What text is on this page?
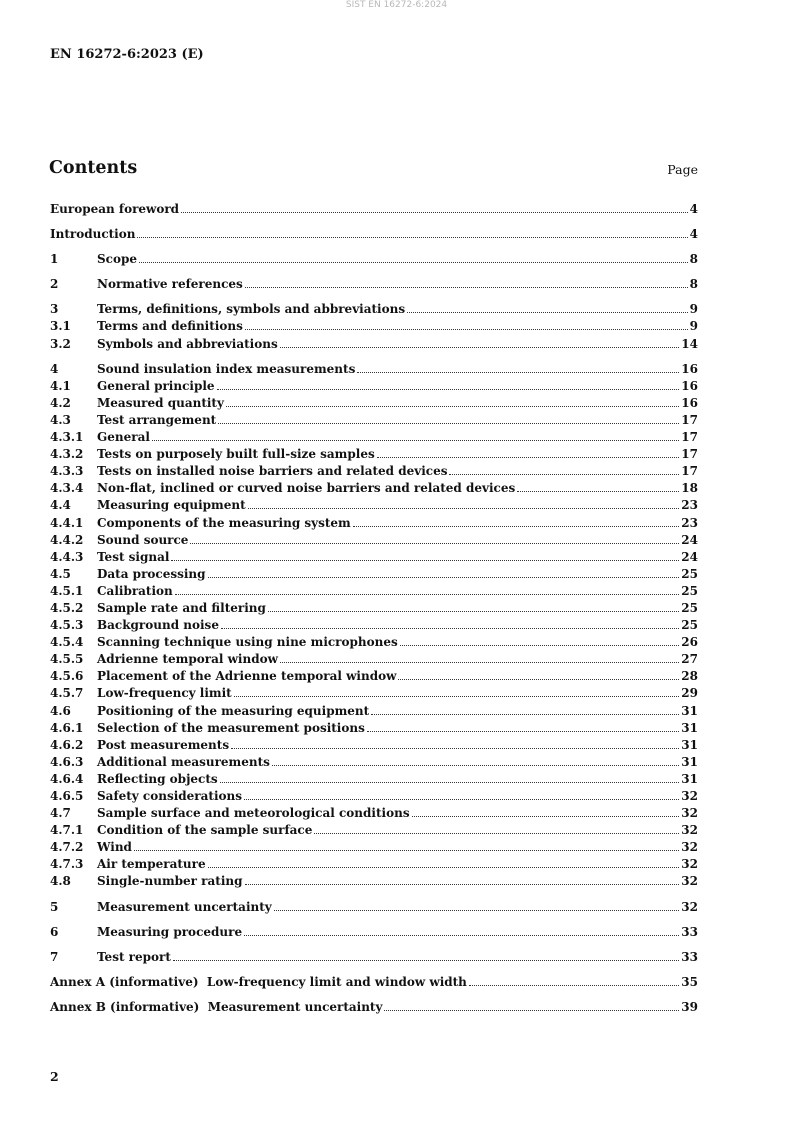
SIST EN 16272-6:2024
EN 16272-6:2023 (E)
Contents	Page
European foreword	4
Introduction	4
1	Scope	8
2	Normative references	8
3	Terms, definitions, symbols and abbreviations	9
3.1	Terms and definitions	9
3.2	Symbols and abbreviations	14
4	Sound insulation index measurements	16
4.1	General principle	16
4.2	Measured quantity	16
4.3	Test arrangement	17
4.3.1	General	17
4.3.2	Tests on purposely built full-size samples	17
4.3.3	Tests on installed noise barriers and related devices	17
4.3.4	Non-flat, inclined or curved noise barriers and related devices	18
4.4	Measuring equipment	23
4.4.1	Components of the measuring system	23
4.4.2	Sound source	24
4.4.3	Test signal	24
4.5	Data processing	25
4.5.1	Calibration	25
4.5.2	Sample rate and filtering	25
4.5.3	Background noise	25
4.5.4	Scanning technique using nine microphones	26
4.5.5	Adrienne temporal window	27
4.5.6	Placement of the Adrienne temporal window	28
4.5.7	Low-frequency limit	29
4.6	Positioning of the measuring equipment	31
4.6.1	Selection of the measurement positions	31
4.6.2	Post measurements	31
4.6.3	Additional measurements	31
4.6.4	Reflecting objects	31
4.6.5	Safety considerations	32
4.7	Sample surface and meteorological conditions	32
4.7.1	Condition of the sample surface	32
4.7.2	Wind	32
4.7.3	Air temperature	32
4.8	Single-number rating	32
5	Measurement uncertainty	32
6	Measuring procedure	33
7	Test report	33
Annex A (informative)  Low-frequency limit and window width	35
Annex B (informative)  Measurement uncertainty	39
2
